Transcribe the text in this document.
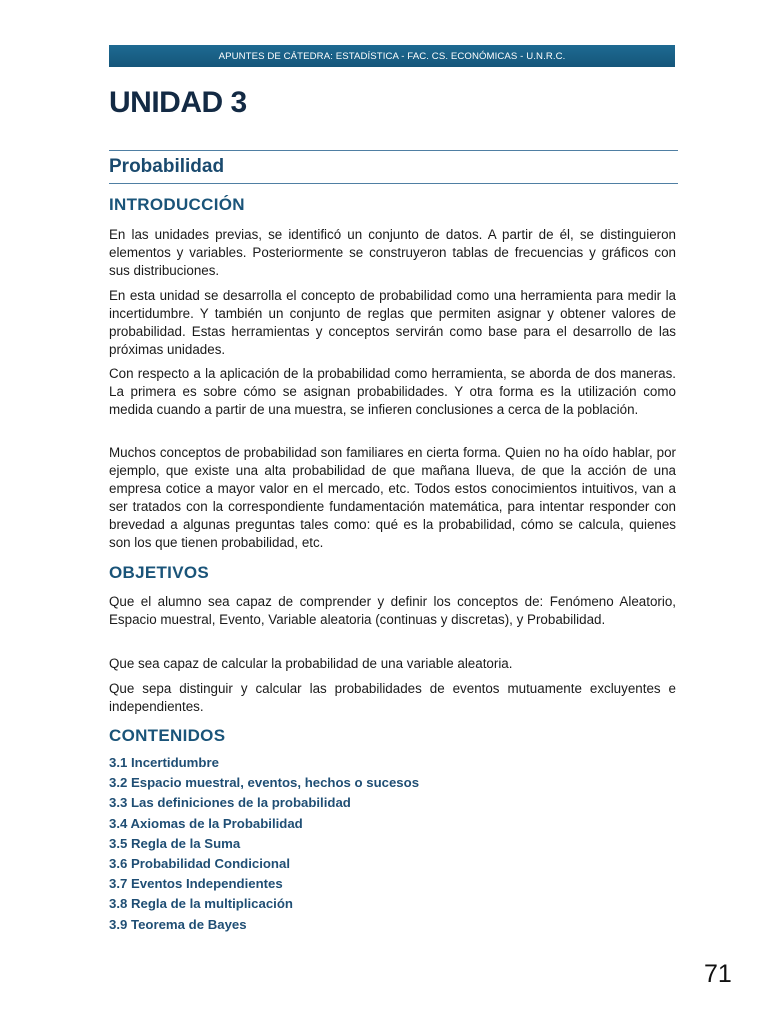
APUNTES DE CÁTEDRA: ESTADÍSTICA - FAC. CS. ECONÓMICAS - U.N.R.C.
UNIDAD 3
Probabilidad
INTRODUCCIÓN

En las unidades previas, se identificó un conjunto de datos. A partir de él, se distinguieron elementos y variables. Posteriormente se construyeron tablas de frecuencias y gráficos con sus distribuciones.

En esta unidad se desarrolla el concepto de probabilidad como una herramienta para medir la incertidumbre. Y también un conjunto de reglas que permiten asignar y obtener valores de probabilidad. Estas herramientas y conceptos servirán como base para el desarrollo de las próximas unidades.

Con respecto a la aplicación de la probabilidad como herramienta, se aborda de dos maneras. La primera es sobre cómo se asignan probabilidades. Y otra forma es la utilización como medida cuando a partir de una muestra, se infieren conclusiones a cerca de la población.

Muchos conceptos de probabilidad son familiares en cierta forma. Quien no ha oído hablar, por ejemplo, que existe una alta probabilidad de que mañana llueva, de que la acción de una empresa cotice a mayor valor en el mercado, etc. Todos estos conocimientos intuitivos, van a ser tratados con la correspondiente fundamentación matemática, para intentar responder con brevedad a algunas preguntas tales como: qué es la probabilidad, cómo se calcula, quienes son los que tienen probabilidad, etc.

OBJETIVOS

Que el alumno sea capaz de comprender y definir los conceptos de: Fenómeno Aleatorio, Espacio muestral, Evento, Variable aleatoria (continuas y discretas), y Probabilidad.

Que sea capaz de calcular la probabilidad de una variable aleatoria.

Que sepa distinguir y calcular las probabilidades de eventos mutuamente excluyentes e independientes.

CONTENIDOS
3.1 Incertidumbre
3.2 Espacio muestral, eventos, hechos o sucesos
3.3 Las definiciones de la probabilidad
3.4 Axiomas de la Probabilidad
3.5 Regla de la Suma
3.6 Probabilidad Condicional
3.7 Eventos Independientes
3.8 Regla de la multiplicación
3.9 Teorema de Bayes
71
